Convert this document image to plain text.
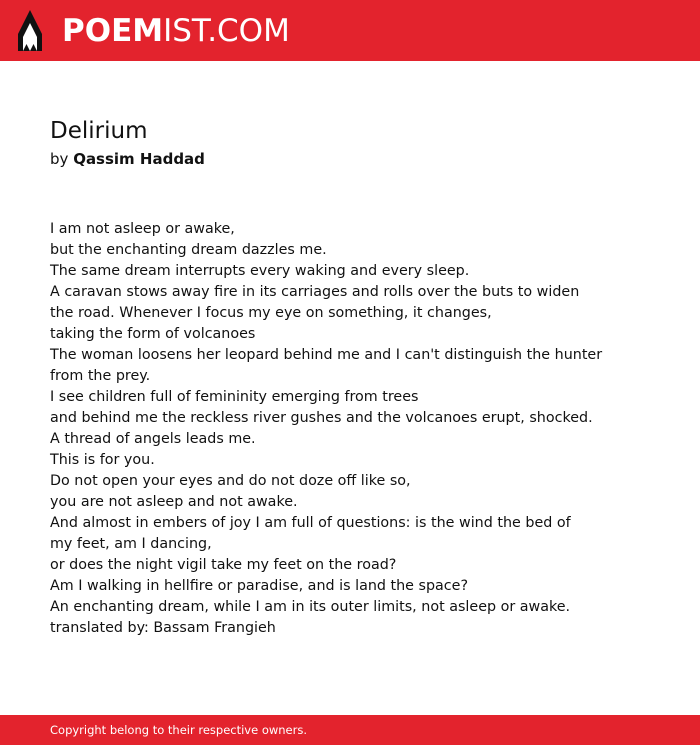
POEMIST.COM
Delirium
by Qassim Haddad
I am not asleep or awake,
but the enchanting dream dazzles me.
The same dream interrupts every waking and every sleep.
A caravan stows away fire in its carriages and rolls over the buts to widen
the road. Whenever I focus my eye on something, it changes,
taking the form of volcanoes
The woman loosens her leopard behind me and I can't distinguish the hunter
from the prey.
I see children full of femininity emerging from trees
and behind me the reckless river gushes and the volcanoes erupt, shocked.
A thread of angels leads me.
This is for you.
Do not open your eyes and do not doze off like so,
you are not asleep and not awake.
And almost in embers of joy I am full of questions: is the wind the bed of
my feet, am I dancing,
or does the night vigil take my feet on the road?
Am I walking in hellfire or paradise, and is land the space?
An enchanting dream, while I am in its outer limits, not asleep or awake.
translated by: Bassam Frangieh
Copyright belong to their respective owners.
